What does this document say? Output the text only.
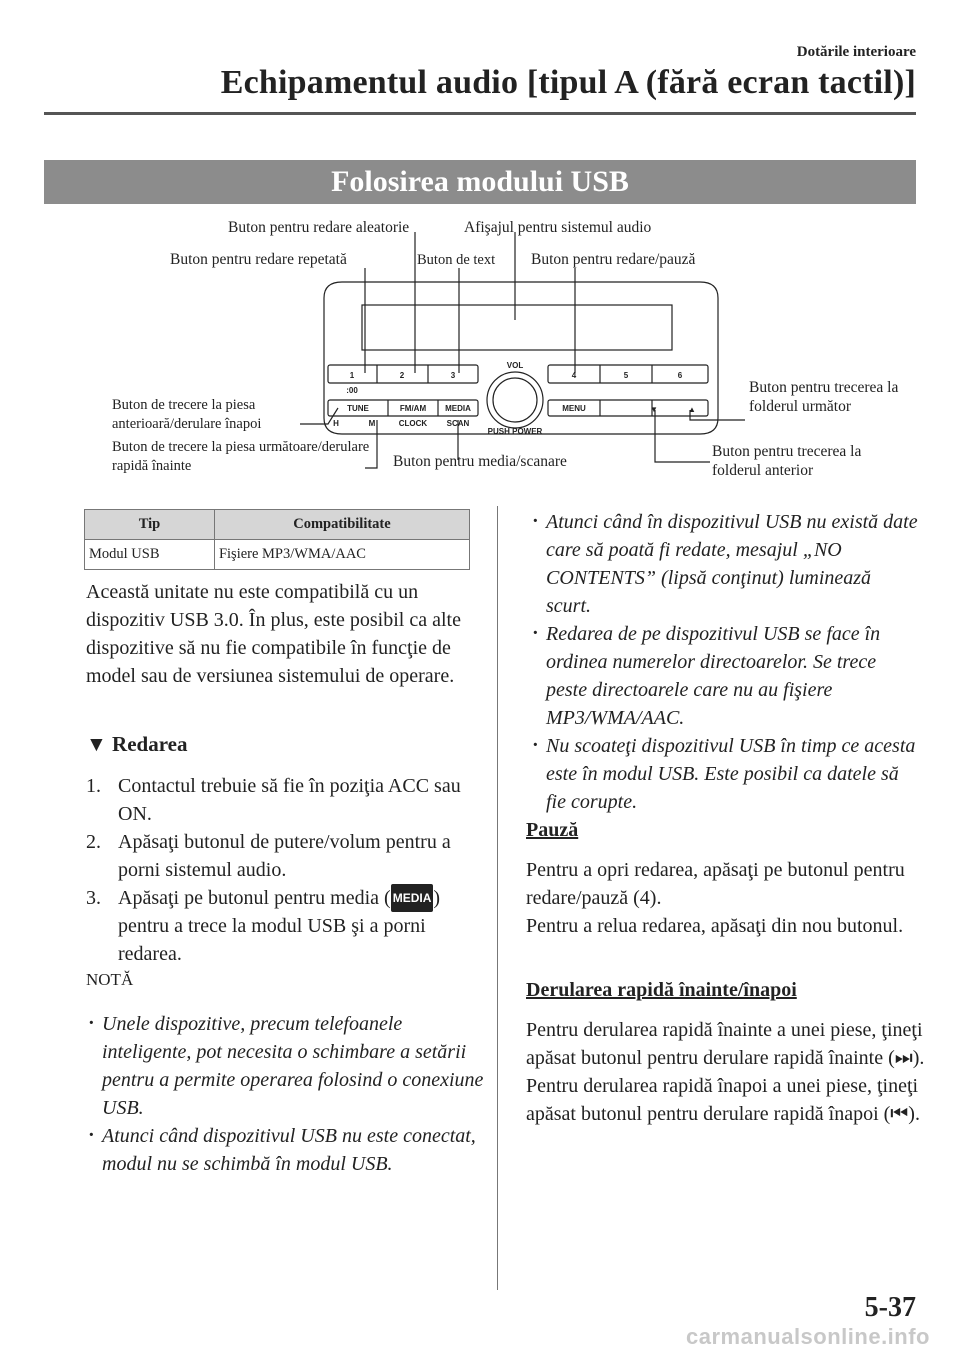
Dotările interioare
Echipamentul audio [tipul A (fără ecran tactil)]
Folosirea modului USB
1	2	3	4	5	6
:00
VOL
PUSH POWER
TUNE	FM/AM MEDIA	MENU
H	M	CLOCK SCAN
▼	▲
Buton pentru redare aleatorie	Afişajul pentru sistemul audio
Buton pentru redare repetată	Buton de text Buton pentru redare/pauză
Buton de trecere la piesa anterioară/derulare înapoi
Buton de trecere la piesa următoare/derulare rapidă înainte	Buton pentru media/scanare
Buton pentru trecerea la folderul următor
Buton pentru trecerea la folderul anterior
Tip	Compatibilitate
Modul USB	Fişiere MP3/WMA/AAC
Această unitate nu este compatibilă cu un dispozitiv USB 3.0. În plus, este posibil ca alte dispozitive să nu fie compatibile în funcţie de model sau de versiunea sistemului de operare.
▼ Redarea
1. Contactul trebuie să fie în poziţia ACC sau ON.
2. Apăsaţi butonul de putere/volum pentru a porni sistemul audio.
3. Apăsaţi pe butonul pentru media ( MEDIA ) pentru a trece la modul USB şi a porni redarea.
NOTĂ
· Unele dispozitive, precum telefoanele inteligente, pot necesita o schimbare a setării pentru a permite operarea folosind o conexiune USB.
· Atunci când dispozitivul USB nu este conectat, modul nu se schimbă în modul USB.
· Atunci când în dispozitivul USB nu există date care să poată fi redate, mesajul „NO CONTENTS” (lipsă conţinut) luminează scurt.
· Redarea de pe dispozitivul USB se face în ordinea numerelor directoarelor. Se trece peste directoarele care nu au fişiere MP3/WMA/AAC.
· Nu scoateţi dispozitivul USB în timp ce acesta este în modul USB. Este posibil ca datele să fie corupte.
Pauză

Pentru a opri redarea, apăsaţi pe butonul pentru redare/pauză (4).

Pentru a relua redarea, apăsaţi din nou butonul.

Derularea rapidă înainte/înapoi

Pentru derularea rapidă înainte a unei piese, ţineţi apăsat butonul pentru derulare rapidă înainte (⏭).

Pentru derularea rapidă înapoi a unei piese, ţineţi apăsat butonul pentru derulare rapidă înapoi (⏮).

5-37
carmanualsonline.info
